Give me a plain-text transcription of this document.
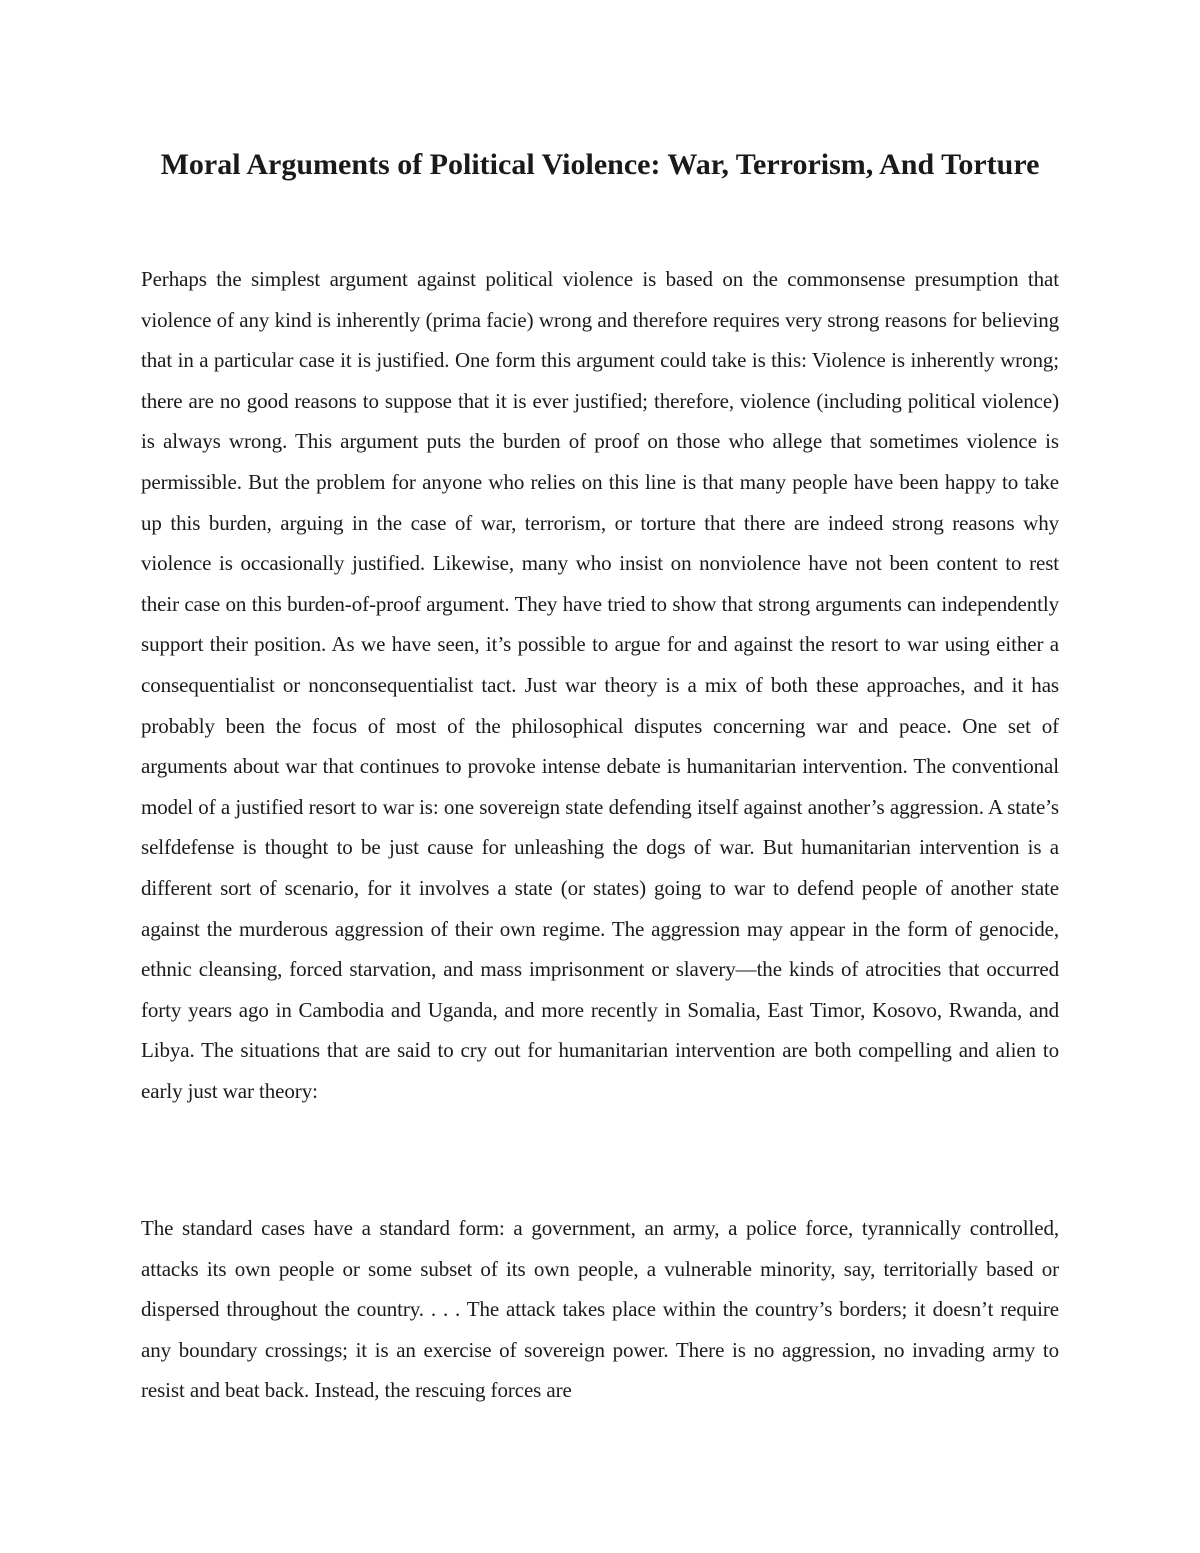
Moral Arguments of Political Violence: War, Terrorism, And Torture

Perhaps the simplest argument against political violence is based on the commonsense presumption that violence of any kind is inherently (prima facie) wrong and therefore requires very strong reasons for believing that in a particular case it is justified. One form this argument could take is this: Violence is inherently wrong; there are no good reasons to suppose that it is ever justified; therefore, violence (including political violence) is always wrong. This argument puts the burden of proof on those who allege that sometimes violence is permissible. But the problem for anyone who relies on this line is that many people have been happy to take up this burden, arguing in the case of war, terrorism, or torture that there are indeed strong reasons why violence is occasionally justified. Likewise, many who insist on nonviolence have not been content to rest their case on this burden-of-proof argument. They have tried to show that strong arguments can independently support their position. As we have seen, it’s possible to argue for and against the resort to war using either a consequentialist or nonconsequentialist tact. Just war theory is a mix of both these approaches, and it has probably been the focus of most of the philosophical disputes concerning war and peace. One set of arguments about war that continues to provoke intense debate is humanitarian intervention. The conventional model of a justified resort to war is: one sovereign state defending itself against another’s aggression. A state’s selfdefense is thought to be just cause for unleashing the dogs of war. But humanitarian intervention is a different sort of scenario, for it involves a state (or states) going to war to defend people of another state against the murderous aggression of their own regime. The aggression may appear in the form of genocide, ethnic cleansing, forced starvation, and mass imprisonment or slavery—the kinds of atrocities that occurred forty years ago in Cambodia and Uganda, and more recently in Somalia, East Timor, Kosovo, Rwanda, and Libya. The situations that are said to cry out for humanitarian intervention are both compelling and alien to early just war theory:

The standard cases have a standard form: a government, an army, a police force, tyrannically controlled, attacks its own people or some subset of its own people, a vulnerable minority, say, territorially based or dispersed throughout the country. . . . The attack takes place within the country’s borders; it doesn’t require any boundary crossings; it is an exercise of sovereign power. There is no aggression, no invading army to resist and beat back. Instead, the rescuing forces are
